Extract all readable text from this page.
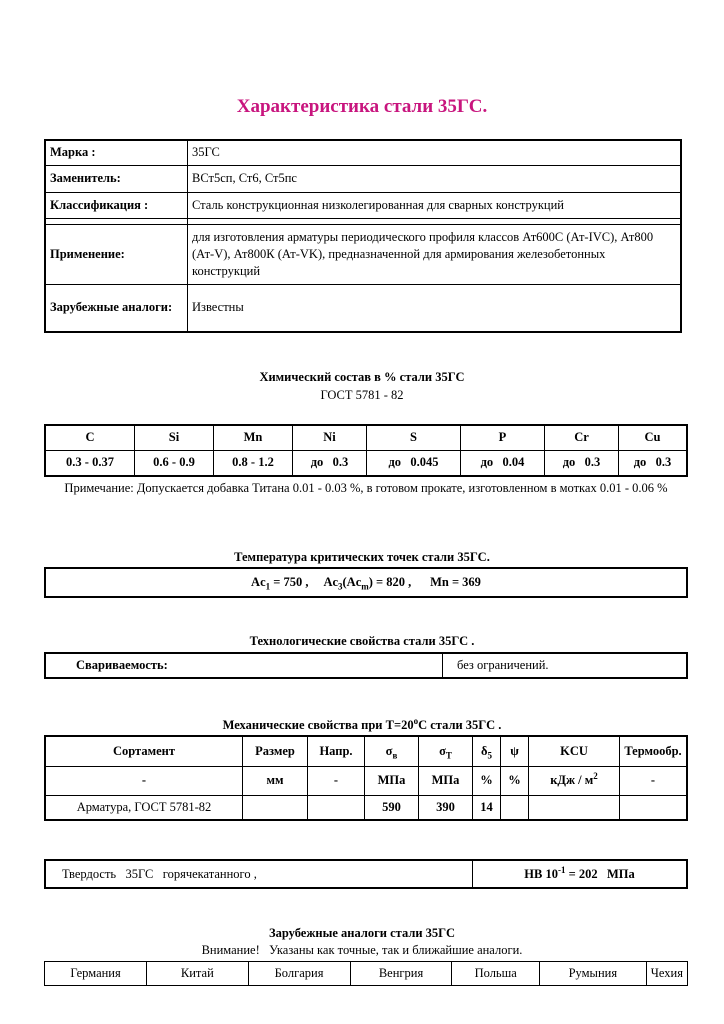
Характеристика стали 35ГС.
Марка :	35ГС
Заменитель:	ВСт5сп, Ст6, Ст5пс
Классификация :	Сталь конструкционная низколегированная для сварных конструкций

Применение:	для изготовления арматуры периодического профиля классов Ат600С (Ат-IVC), Ат800 (Ат-V), Ат800К (Ат-VK), предназначенной для армирования железобетонных конструкций
Зарубежные аналоги:	Известны
Химический состав в % стали 35ГС
ГОСТ 5781 - 82
C	Si	Mn	Ni	S	P	Cr	Cu
0.3 - 0.37	0.6 - 0.9	0.8 - 1.2	до   0.3	до   0.045	до   0.04	до   0.3	до   0.3
Примечание: Допускается добавка Титана 0.01 - 0.03 %, в готовом прокате, изготовленном в мотках 0.01 - 0.06 %
Температура критических точек стали 35ГС.
$Ac_1 = 750$ , $Ac_3(Ac_m) = 820$ , Mn = 369
Технологические свойства стали 35ГС .
Свариваемость:	без ограничений.
Механические свойства при $Т=20^oС$ стали 35ГС .
Сортамент	Размер	Напр.	$\sigma_в$	$\sigma_T$	$\delta_5$	ψ	KCU	Термообр.
-	мм	-	МПа	МПа	%	%	кДж / $м^2$	-
Арматура, ГОСТ 5781-82			590	390	14			
Твердость   35ГС   горячекатанного ,	HB $10^{-1} = 202$   МПа
Зарубежные аналоги стали 35ГС
Внимание!   Указаны как точные, так и ближайшие аналоги.
Германия	Китай	Болгария	Венгрия	Польша	Румыния	Чехия
